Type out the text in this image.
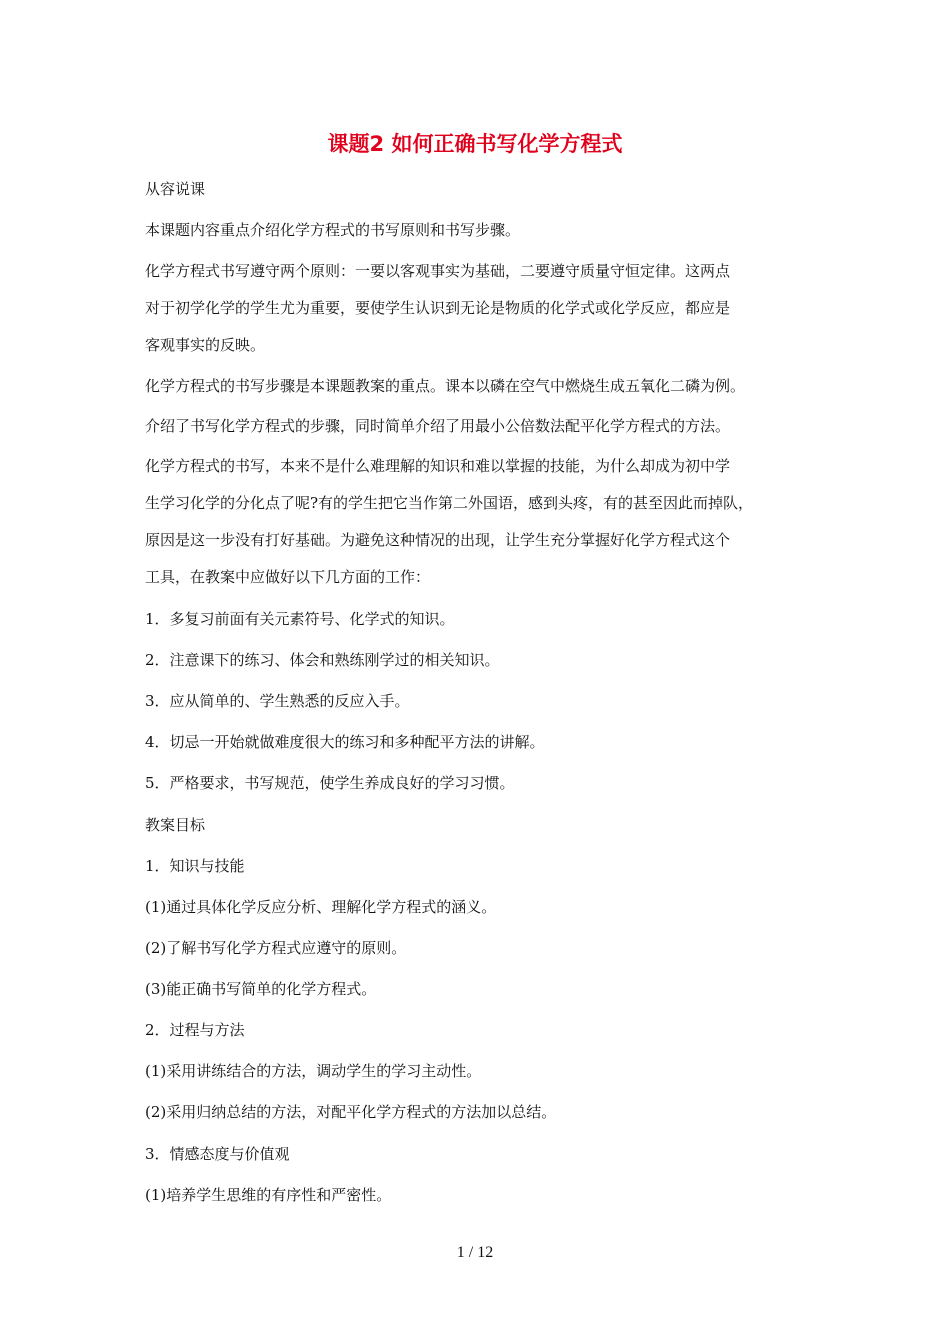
课题2 如何正确书写化学方程式

从容说课

本课题内容重点介绍化学方程式的书写原则和书写步骤。

化学方程式书写遵守两个原则：一要以客观事实为基础，二要遵守质量守恒定律。这两点

对于初学化学的学生尤为重要，要使学生认识到无论是物质的化学式或化学反应，都应是

客观事实的反映。

化学方程式的书写步骤是本课题教案的重点。课本以磷在空气中燃烧生成五氧化二磷为例。

介绍了书写化学方程式的步骤，同时简单介绍了用最小公倍数法配平化学方程式的方法。

化学方程式的书写，本来不是什么难理解的知识和难以掌握的技能，为什么却成为初中学

生学习化学的分化点了呢?有的学生把它当作第二外国语，感到头疼，有的甚至因此而掉队，

原因是这一步没有打好基础。为避免这种情况的出现，让学生充分掌握好化学方程式这个

工具，在教案中应做好以下几方面的工作：

1．多复习前面有关元素符号、化学式的知识。

2．注意课下的练习、体会和熟练刚学过的相关知识。

3．应从简单的、学生熟悉的反应入手。

4．切忌一开始就做难度很大的练习和多种配平方法的讲解。

5．严格要求，书写规范，使学生养成良好的学习习惯。

教案目标

1．知识与技能

(1)通过具体化学反应分析、理解化学方程式的涵义。

(2)了解书写化学方程式应遵守的原则。

(3)能正确书写简单的化学方程式。

2．过程与方法

(1)采用讲练结合的方法，调动学生的学习主动性。

(2)采用归纳总结的方法，对配平化学方程式的方法加以总结。

3．情感态度与价值观

(1)培养学生思维的有序性和严密性。

1 / 12
